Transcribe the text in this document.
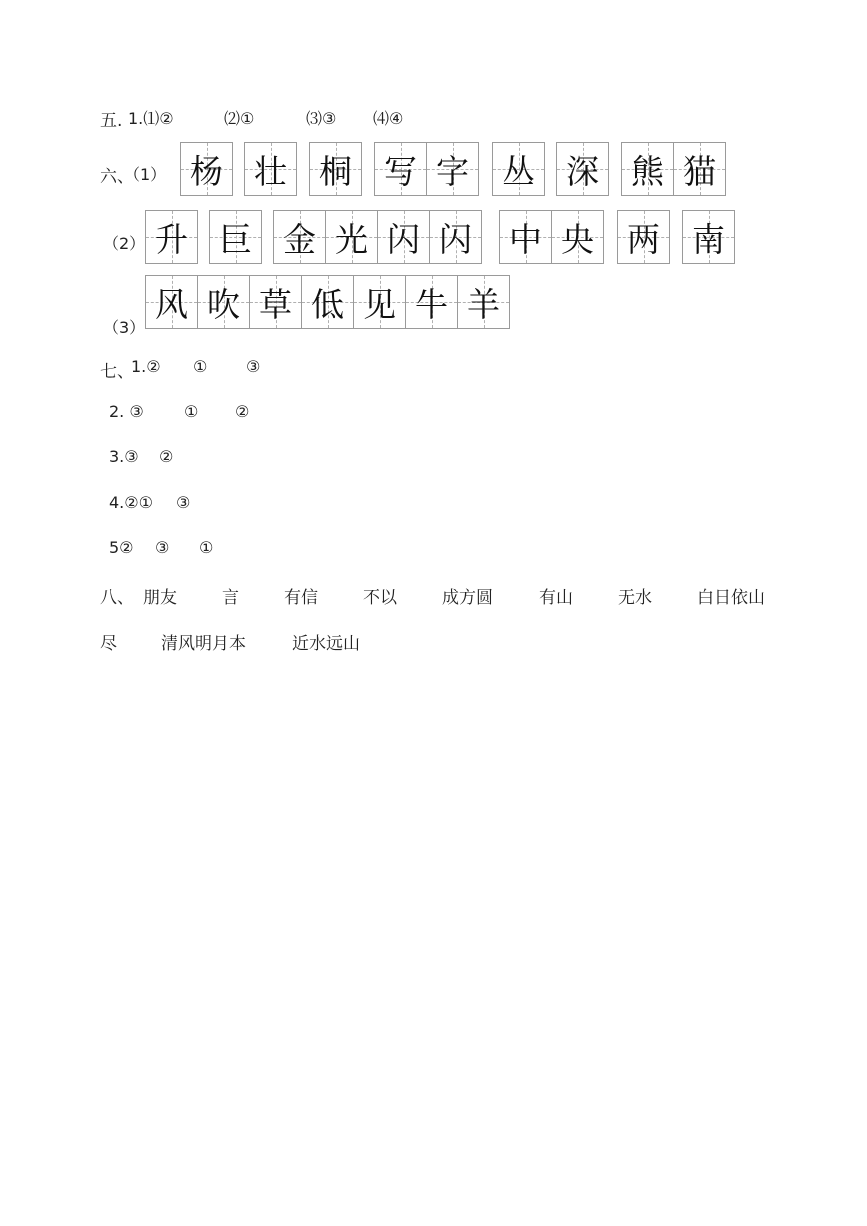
五. 1.⑴②	⑵①	⑶③ ⑷④
六、
（1）
（2）
（3）
杨 壮 桐 写 字 丛 深 熊 猫
升 巨 金 光 闪 闪 中 央 两 南
风 吹 草 低 见 牛 羊
七、
1.② ① ③
2. ③	① ②
3.③ ②
4.②① ③
5② ③ ①
八、 朋友	言	有信	不以	成方圆	有山	无水	白日依山
尽	清风明月本	近水远山
